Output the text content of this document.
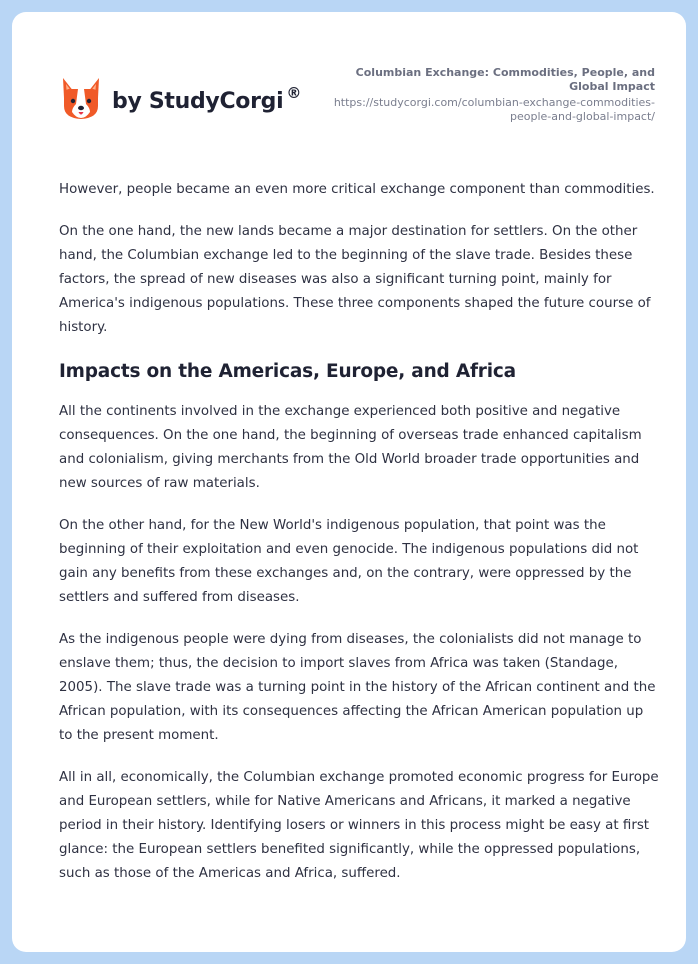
by StudyCorgi ®
Columbian Exchange: Commodities, People, and Global Impact
https://studycorgi.com/columbian-exchange-commodities-people-and-global-impact/

However, people became an even more critical exchange component than commodities.

On the one hand, the new lands became a major destination for settlers. On the other hand, the Columbian exchange led to the beginning of the slave trade. Besides these factors, the spread of new diseases was also a significant turning point, mainly for America's indigenous populations. These three components shaped the future course of history.

Impacts on the Americas, Europe, and Africa

All the continents involved in the exchange experienced both positive and negative consequences. On the one hand, the beginning of overseas trade enhanced capitalism and colonialism, giving merchants from the Old World broader trade opportunities and new sources of raw materials.

On the other hand, for the New World's indigenous population, that point was the beginning of their exploitation and even genocide. The indigenous populations did not gain any benefits from these exchanges and, on the contrary, were oppressed by the settlers and suffered from diseases.

As the indigenous people were dying from diseases, the colonialists did not manage to enslave them; thus, the decision to import slaves from Africa was taken (Standage, 2005). The slave trade was a turning point in the history of the African continent and the African population, with its consequences affecting the African American population up to the present moment.

All in all, economically, the Columbian exchange promoted economic progress for Europe and European settlers, while for Native Americans and Africans, it marked a negative period in their history. Identifying losers or winners in this process might be easy at first glance: the European settlers benefited significantly, while the oppressed populations, such as those of the Americas and Africa, suffered.
